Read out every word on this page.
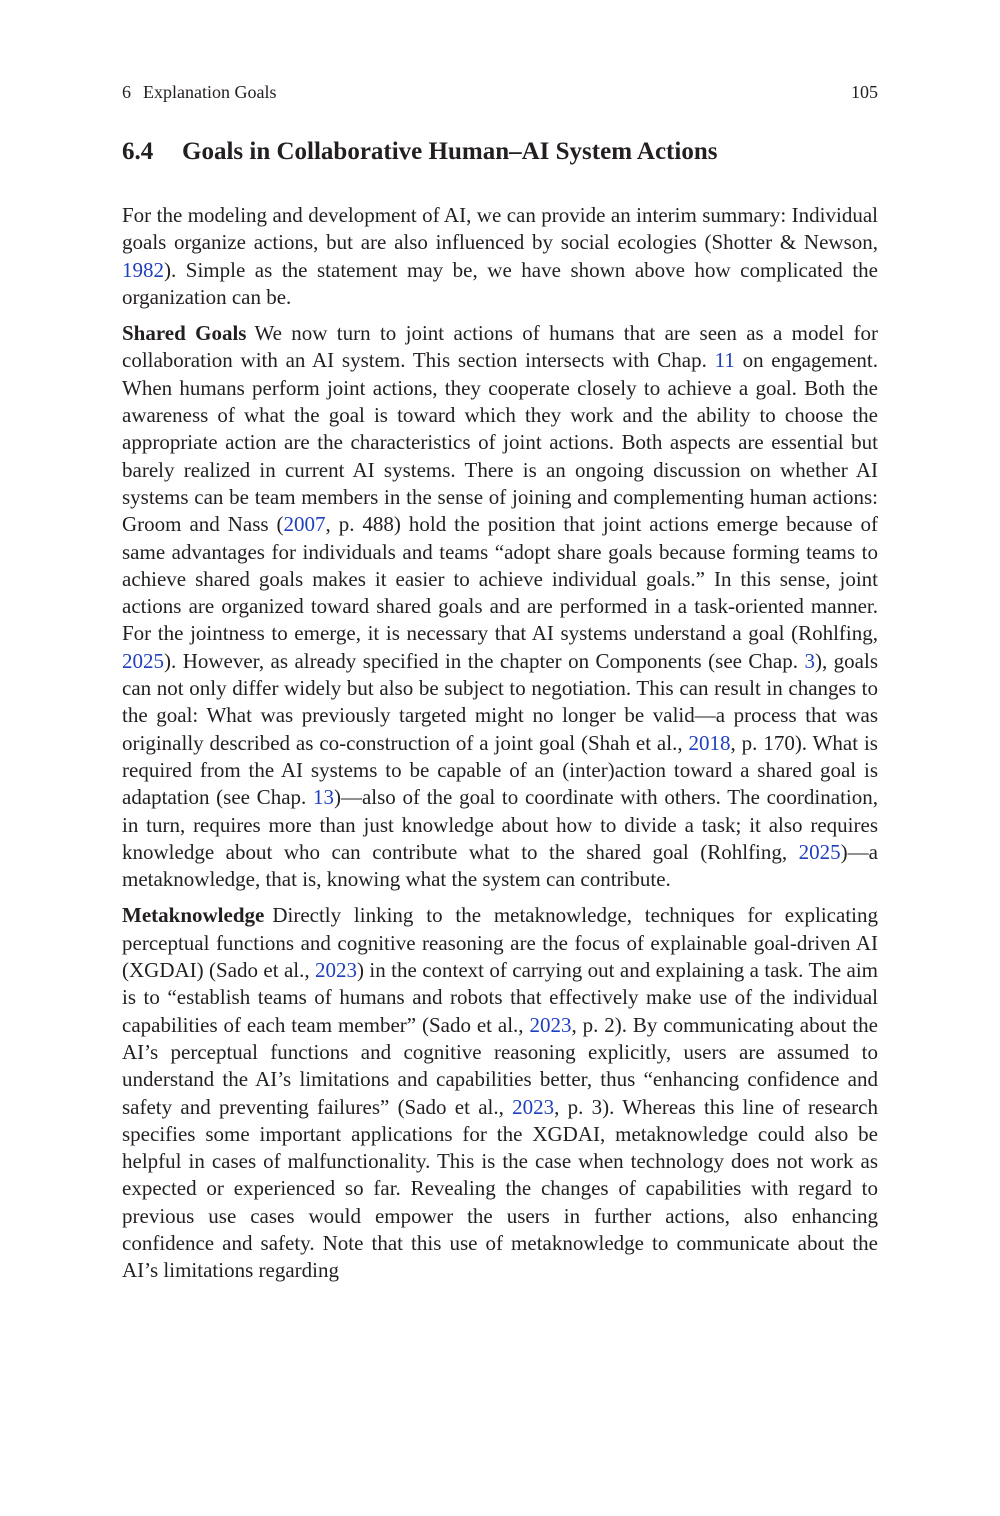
6 Explanation Goals	105
6.4 Goals in Collaborative Human–AI System Actions

For the modeling and development of AI, we can provide an interim summary: Individual goals organize actions, but are also influenced by social ecologies (Shotter & Newson, 1982). Simple as the statement may be, we have shown above how complicated the organization can be.

Shared Goals We now turn to joint actions of humans that are seen as a model for collaboration with an AI system. This section intersects with Chap. 11 on engagement. When humans perform joint actions, they cooperate closely to achieve a goal. Both the awareness of what the goal is toward which they work and the ability to choose the appropriate action are the characteristics of joint actions. Both aspects are essential but barely realized in current AI systems. There is an ongoing discussion on whether AI systems can be team members in the sense of joining and complementing human actions: Groom and Nass (2007, p. 488) hold the position that joint actions emerge because of same advantages for individuals and teams “adopt share goals because forming teams to achieve shared goals makes it easier to achieve individual goals.” In this sense, joint actions are organized toward shared goals and are performed in a task-oriented manner. For the jointness to emerge, it is necessary that AI systems understand a goal (Rohlfing, 2025). However, as already specified in the chapter on Components (see Chap. 3), goals can not only differ widely but also be subject to negotiation. This can result in changes to the goal: What was previously targeted might no longer be valid—a process that was originally described as co-construction of a joint goal (Shah et al., 2018, p. 170). What is required from the AI systems to be capable of an (inter)action toward a shared goal is adaptation (see Chap. 13)—also of the goal to coordinate with others. The coordination, in turn, requires more than just knowledge about how to divide a task; it also requires knowledge about who can contribute what to the shared goal (Rohlfing, 2025)—a metaknowledge, that is, knowing what the system can contribute.

Metaknowledge Directly linking to the metaknowledge, techniques for explicating perceptual functions and cognitive reasoning are the focus of explainable goal-driven AI (XGDAI) (Sado et al., 2023) in the context of carrying out and explaining a task. The aim is to “establish teams of humans and robots that effectively make use of the individual capabilities of each team member” (Sado et al., 2023, p. 2). By communicating about the AI’s perceptual functions and cognitive reasoning explicitly, users are assumed to understand the AI’s limitations and capabilities better, thus “enhancing confidence and safety and preventing failures” (Sado et al., 2023, p. 3). Whereas this line of research specifies some important applications for the XGDAI, metaknowledge could also be helpful in cases of malfunctionality. This is the case when technology does not work as expected or experienced so far. Revealing the changes of capabilities with regard to previous use cases would empower the users in further actions, also enhancing confidence and safety. Note that this use of metaknowledge to communicate about the AI’s limitations regarding
